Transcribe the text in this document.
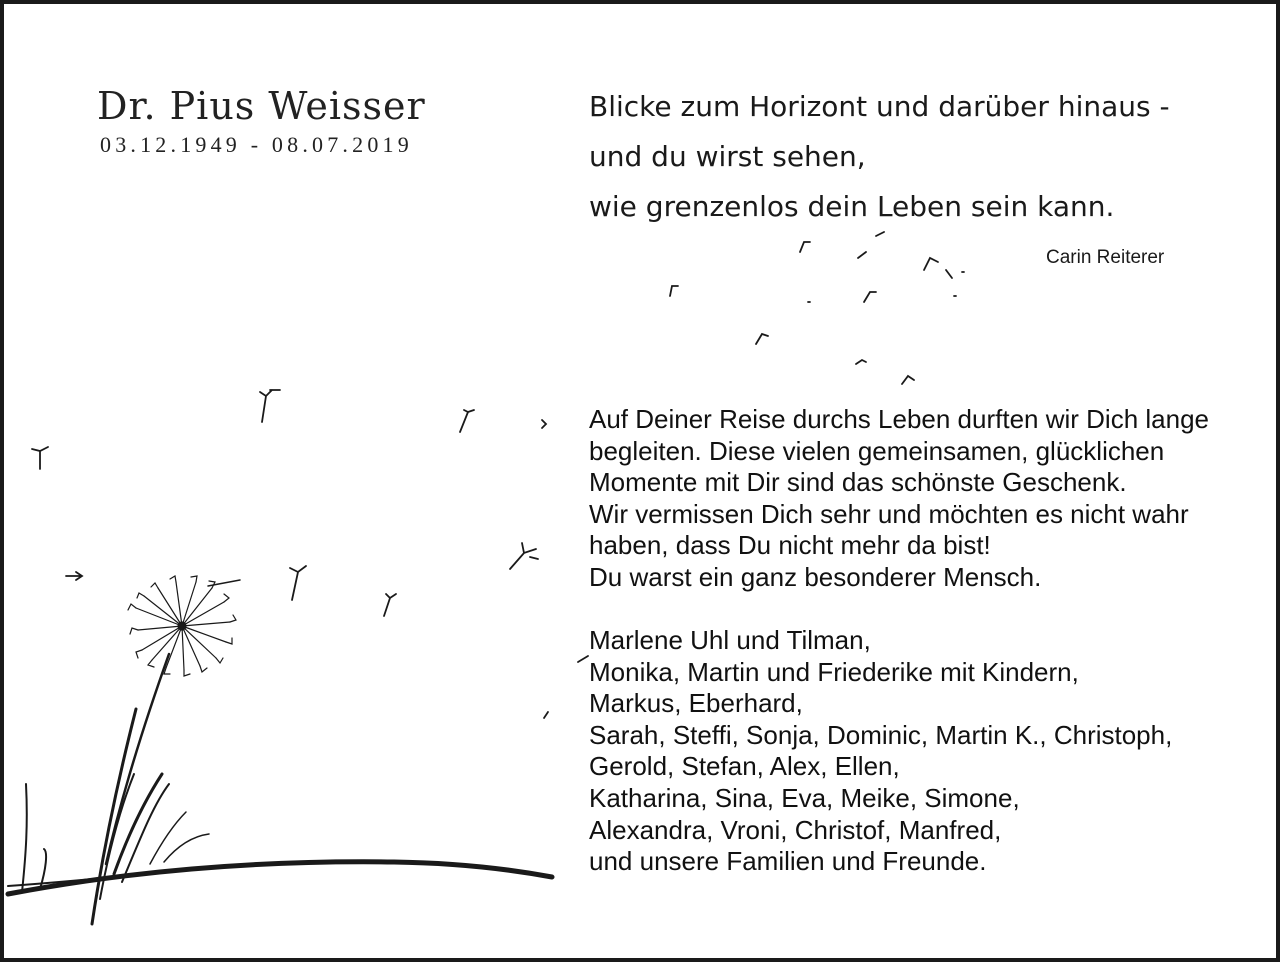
Dr. Pius Weisser
03.12.1949 - 08.07.2019
Blicke zum Horizont und darüber hinaus -
und du wirst sehen,
wie grenzenlos dein Leben sein kann.
Carin Reiterer
Auf Deiner Reise durchs Leben durften wir Dich lange
begleiten. Diese vielen gemeinsamen, glücklichen
Momente mit Dir sind das schönste Geschenk.
Wir vermissen Dich sehr und möchten es nicht wahr
haben, dass Du nicht mehr da bist!
Du warst ein ganz besonderer Mensch.
Marlene Uhl und Tilman,
Monika, Martin und Friederike mit Kindern,
Markus, Eberhard,
Sarah, Steffi, Sonja, Dominic, Martin K., Christoph,
Gerold, Stefan, Alex, Ellen,
Katharina, Sina, Eva, Meike, Simone,
Alexandra, Vroni, Christof, Manfred,
und unsere Familien und Freunde.
